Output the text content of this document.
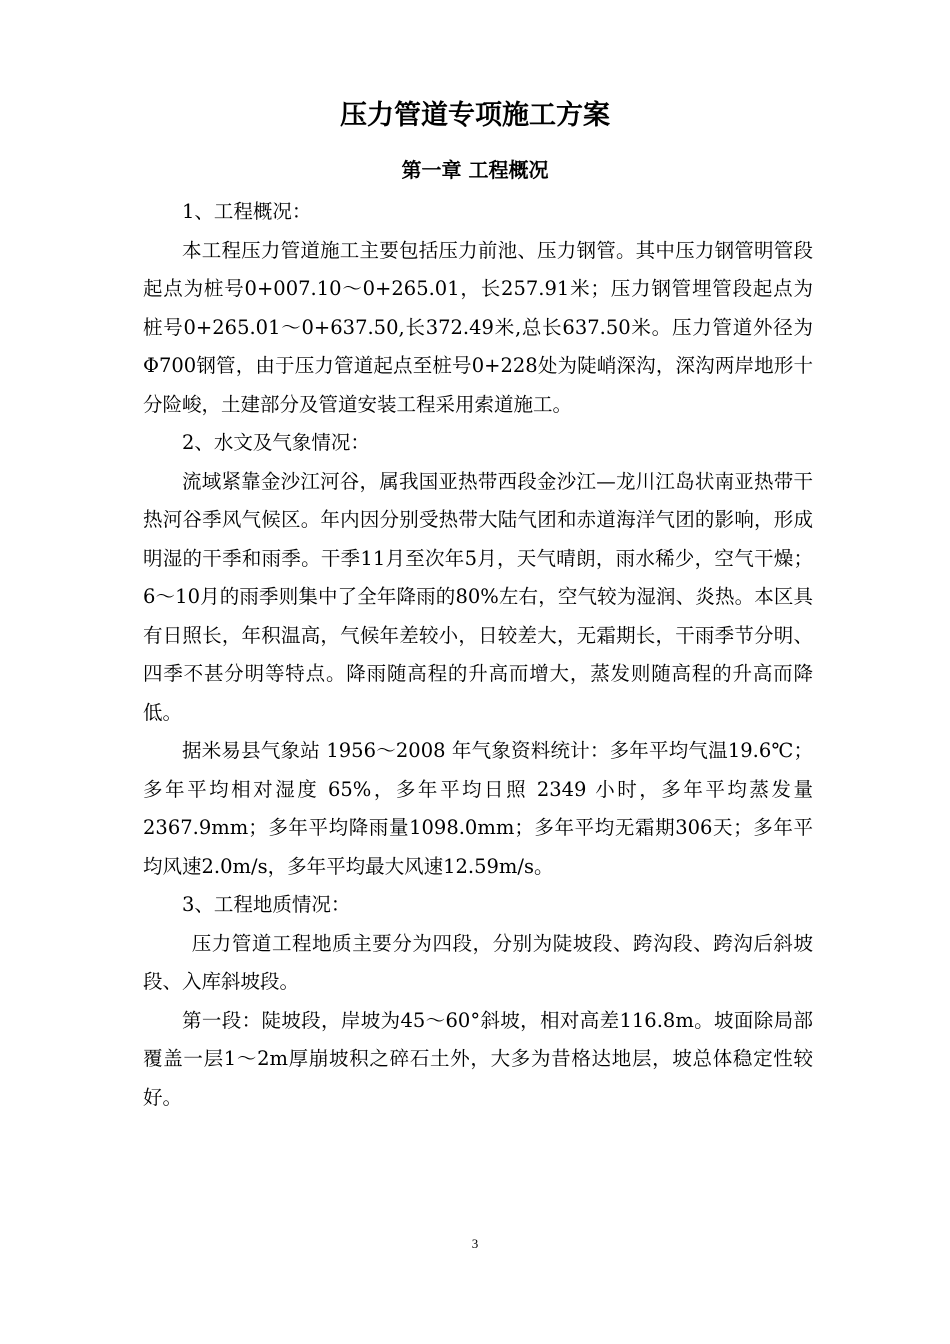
压力管道专项施工方案
第一章 工程概况

1、工程概况：

本工程压力管道施工主要包括压力前池、压力钢管。其中压力钢管明管段起点为桩号0+007.10～0+265.01，长257.91米；压力钢管埋管段起点为桩号0+265.01～0+637.50,长372.49米,总长637.50米。压力管道外径为Φ700钢管，由于压力管道起点至桩号0+228处为陡峭深沟，深沟两岸地形十分险峻，土建部分及管道安装工程采用索道施工。

2、水文及气象情况：

流域紧靠金沙江河谷，属我国亚热带西段金沙江—龙川江岛状南亚热带干热河谷季风气候区。年内因分别受热带大陆气团和赤道海洋气团的影响，形成明湿的干季和雨季。干季11月至次年5月，天气晴朗，雨水稀少，空气干燥；6～10月的雨季则集中了全年降雨的80%左右，空气较为湿润、炎热。本区具有日照长，年积温高，气候年差较小，日较差大，无霜期长，干雨季节分明、四季不甚分明等特点。降雨随高程的升高而增大，蒸发则随高程的升高而降低。

据米易县气象站 1956～2008 年气象资料统计：多年平均气温19.6℃；多年平均相对湿度 65%，多年平均日照 2349 小时，多年平均蒸发量2367.9mm；多年平均降雨量1098.0mm；多年平均无霜期306天；多年平均风速2.0m/s，多年平均最大风速12.59m/s。

3、工程地质情况：

压力管道工程地质主要分为四段，分别为陡坡段、跨沟段、跨沟后斜坡段、入库斜坡段。

第一段：陡坡段，岸坡为45～60°斜坡，相对高差116.8m。坡面除局部覆盖一层1～2m厚崩坡积之碎石土外，大多为昔格达地层，坡总体稳定性较好。

3
